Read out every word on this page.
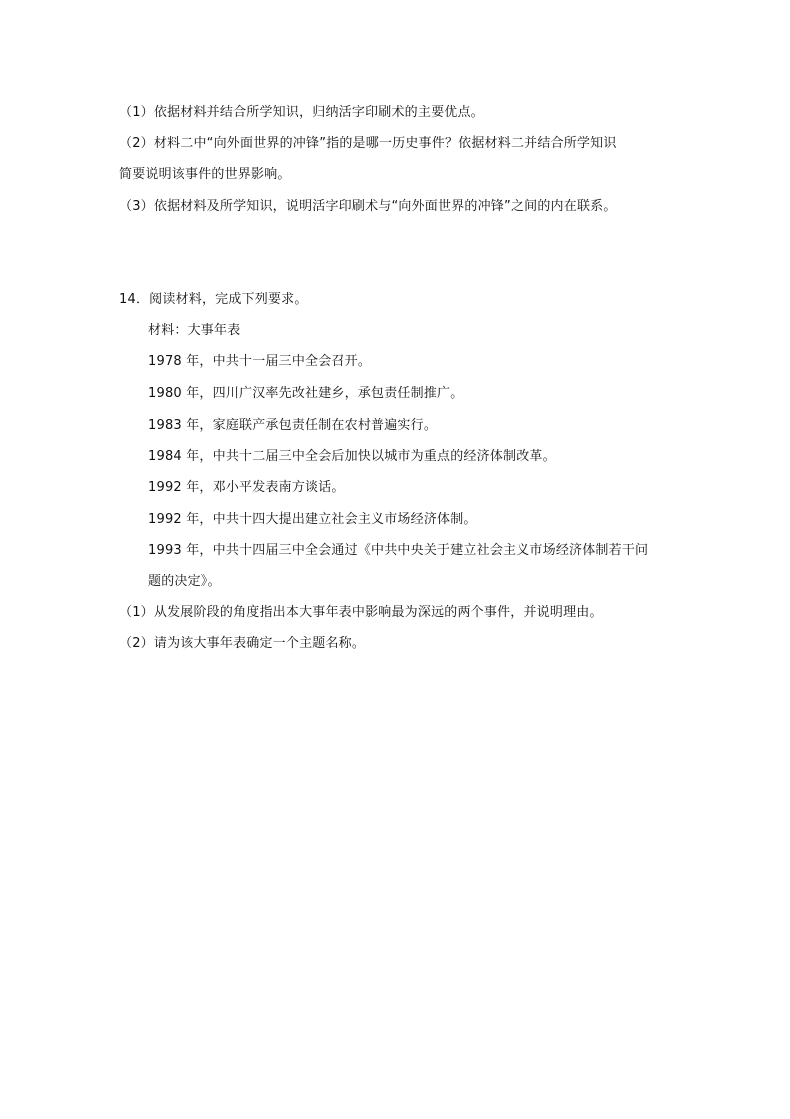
（1）依据材料并结合所学知识，归纳活字印刷术的主要优点。
（2）材料二中“向外面世界的冲锋”指的是哪一历史事件？依据材料二并结合所学知识
简要说明该事件的世界影响。
（3）依据材料及所学知识，说明活字印刷术与“向外面世界的冲锋”之间的内在联系。
14．阅读材料，完成下列要求。
材料：大事年表
1978 年，中共十一届三中全会召开。
1980 年，四川广汉率先改社建乡，承包责任制推广。
1983 年，家庭联产承包责任制在农村普遍实行。
1984 年，中共十二届三中全会后加快以城市为重点的经济体制改革。
1992 年，邓小平发表南方谈话。
1992 年，中共十四大提出建立社会主义市场经济体制。
1993 年，中共十四届三中全会通过《中共中央关于建立社会主义市场经济体制若干问
题的决定》。
（1）从发展阶段的角度指出本大事年表中影响最为深远的两个事件，并说明理由。
（2）请为该大事年表确定一个主题名称。
